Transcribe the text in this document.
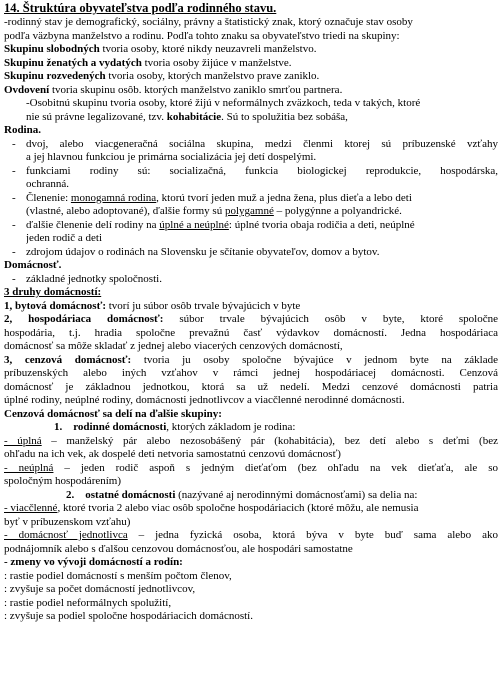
14. Štruktúra obyvateľstva podľa rodinného stavu.
-rodinný stav je demografický, sociálny, právny a štatistický znak, ktorý označuje stav osoby
podľa väzbyna manželstvo a rodinu. Podľa tohto znaku sa obyvateľstvo triedi na skupiny:
Skupinu slobodných tvoria osoby, ktoré nikdy neuzavreli manželstvo.
Skupinu ženatých a vydatých tvoria osoby žijúce v manželstve.
Skupinu rozvedených tvoria osoby, ktorých manželstvo prave zaniklo.
Ovdovení tvoria skupinu osôb. ktorých manželstvo zaniklo smrťou partnera.
-Osobitnú skupinu tvoria osoby, ktoré žijú v neformálnych zväzkoch, teda v takých, ktoré
nie sú právne legalizované, tzv. kohabitácie. Sú to spolužitia bez sobáša,
Rodina.
- dvoj, alebo viacgeneračná sociálna skupina, medzi členmi ktorej sú príbuzenské vzťahy
a jej hlavnou funkciou je primárna socializácia jej detí dospelými.
- funkciami rodiny sú: socializačná, funkcia biologickej reprodukcie, hospodárska,
ochranná.
- Členenie: monogamná rodina, ktorú tvorí jeden muž a jedna žena, plus dieťa a lebo deti
(vlastné, alebo adoptované), ďalšie formy sú polygamné – polygýnne a polyandrické.
- ďalšie členenie delí rodiny na úplné a neúplné: úplné tvoria obaja rodičia a deti, neúplné
jeden rodič a deti
- zdrojom údajov o rodinách na Slovensku je sčítanie obyvateľov, domov a bytov.
Domácnosť.
- základné jednotky spoločnosti.
3 druhy domácností:
1, bytová domácnosť: tvorí ju súbor osôb trvale bývajúcich v byte
2, hospodáriaca domácnosť: súbor trvale bývajúcich osôb v byte, ktoré spoločne
hospodária, t.j. hradia spoločne prevažnú časť výdavkov domácností. Jedna hospodáriaca
domácnosť sa môže skladať z jednej alebo viacerých cenzových domácností,
3, cenzová domácnosť: tvoria ju osoby spoločne bývajúce v jednom byte na základe
príbuzenských alebo iných vzťahov v rámci jednej hospodáriacej domácnosti. Cenzová
domácnosť je základnou jednotkou, ktorá sa už nedelí. Medzi cenzové domácnosti patria
úplné rodiny, neúplné rodiny, domácnosti jednotlivcov a viacčlenné nerodinné domácnosti.
Cenzová domácnosť sa delí na ďalšie skupiny:
1. rodinné domácnosti, ktorých základom je rodina:
- úplná – manželský pár alebo nezosobášený pár (kohabitácia), bez detí alebo s deťmi (bez
ohľadu na ich vek, ak dospelé deti netvoria samostatnú cenzovú domácnosť)
- neúplná – jeden rodič aspoň s jedným dieťaťom (bez ohľadu na vek dieťaťa, ale so
spoločným hospodárením)
2. ostatné domácnosti (nazývané aj nerodinnými domácnosťami) sa delia na:
- viacčlenné, ktoré tvoria 2 alebo viac osôb spoločne hospodáriacich (ktoré môžu, ale nemusia
byť v príbuzenskom vzťahu)
- domácnosť jednotlivca – jedna fyzická osoba, ktorá býva v byte buď sama alebo ako
podnájomník alebo s ďalšou cenzovou domácnosťou, ale hospodári samostatne
- zmeny vo vývoji domácností a rodín:
: rastie podiel domácností s menším počtom členov,
: zvyšuje sa počet domácností jednotlivcov,
: rastie podiel neformálnych spolužití,
: zvyšuje sa podiel spoločne hospodáriacich domácností.
